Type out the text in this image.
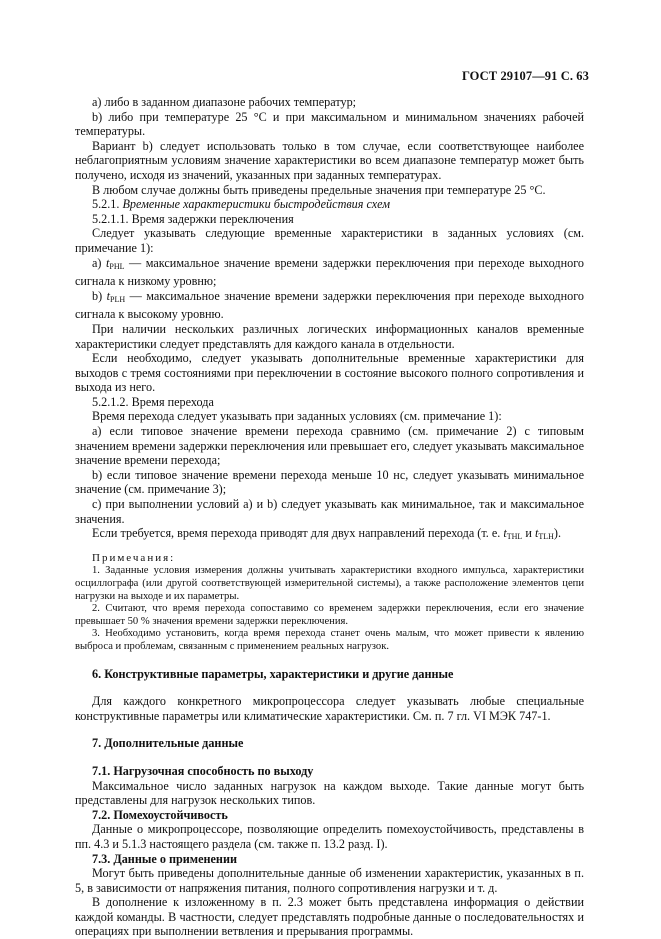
ГОСТ 29107—91 С. 63

а) либо в заданном диапазоне рабочих температур;

b) либо при температуре 25 °С и при максимальном и минимальном значениях рабочей температуры.

Вариант b) следует использовать только в том случае, если соответствующее наиболее неблагоприятным условиям значение характеристики во всем диапазоне температур может быть получено, исходя из значений, указанных при заданных температурах.

В любом случае должны быть приведены предельные значения при температуре 25 °С.

5.2.1. Временные характеристики быстродействия схем

5.2.1.1. Время задержки переключения

Следует указывать следующие временные характеристики в заданных условиях (см. примечание 1):

а) $t_{PHL}$ — максимальное значение времени задержки переключения при переходе выходного сигнала к низкому уровню;

b) $t_{PLH}$ — максимальное значение времени задержки переключения при переходе выходного сигнала к высокому уровню.

При наличии нескольких различных логических информационных каналов временные характеристики следует представлять для каждого канала в отдельности.

Если необходимо, следует указывать дополнительные временные характеристики для выходов с тремя состояниями при переключении в состояние высокого полного сопротивления и выхода из него.

5.2.1.2. Время перехода

Время перехода следует указывать при заданных условиях (см. примечание 1):

а) если типовое значение времени перехода сравнимо (см. примечание 2) с типовым значением времени задержки переключения или превышает его, следует указывать максимальное значение времени перехода;

b) если типовое значение времени перехода меньше 10 нс, следует указывать минимальное значение (см. примечание 3);

c) при выполнении условий а) и b) следует указывать как минимальное, так и максимальное значения.

Если требуется, время перехода приводят для двух направлений перехода (т. е. $t_{THL}$ и $t_{TLH}$).

Примечания:

1. Заданные условия измерения должны учитывать характеристики входного импульса, характеристики осциллографа (или другой соответствующей измерительной системы), а также расположение элементов цепи нагрузки на выходе и их параметры.

2. Считают, что время перехода сопоставимо со временем задержки переключения, если его значение превышает 50 % значения времени задержки переключения.

3. Необходимо установить, когда время перехода станет очень малым, что может привести к явлению выброса и проблемам, связанным с применением реальных нагрузок.

6. Конструктивные параметры, характеристики и другие данные

Для каждого конкретного микропроцессора следует указывать любые специальные конструктивные параметры или климатические характеристики. См. п. 7 гл. VI МЭК 747-1.

7. Дополнительные данные

7.1. Нагрузочная способность по выходу

Максимальное число заданных нагрузок на каждом выходе. Такие данные могут быть представлены для нагрузок нескольких типов.

7.2. Помехоустойчивость

Данные о микропроцессоре, позволяющие определить помехоустойчивость, представлены в пп. 4.3 и 5.1.3 настоящего раздела (см. также п. 13.2 разд. I).

7.3. Данные о применении

Могут быть приведены дополнительные данные об изменении характеристик, указанных в п. 5, в зависимости от напряжения питания, полного сопротивления нагрузки и т. д.

В дополнение к изложенному в п. 2.3 может быть представлена информация о действии каждой команды. В частности, следует представлять подробные данные о последовательностях и операциях при выполнении ветвления и прерывания программы.
